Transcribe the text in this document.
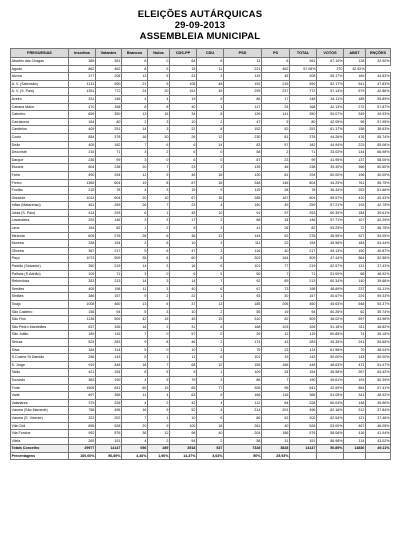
ELEIÇÕES AUTÁRQUICAS
29-09-2013
ASSEMBLEIA MUNICIPAL
FREGUESIAS	Inscritos	Votantes	Brancos	Nulos	CDS-PP	CDU	PSD	PS	TOTAL	VOTOS	ABST	ENÇÕES
Abadim das Chagas	389	261	8	0	64	8	11	6	261	67.10%	128	32.90%
Agudo	862	462	8	5	15	11	221	462	57.08%	370	42.92%	
Alvora	377	208	13	5	23	3	119	45	208	55.17%	169	44.83%
A. V. (Sabrosão)	1131	590	21	5	108	48	192	215	590	52.17%	541	47.83%
A. V. (S. Paio)	1351	772	24	20	151	45	295	237	772	57.14%	579	42.86%
Aveiro	331	146	4	4	19	6	86	17	146	44.11%	185	55.89%
Cabana Maior	470	168	8	8	40	1	117	24	168	42.13%	272	57.87%
Cabreiro	659	350	13	15	34	8	139	141	350	50.07%	349	49.93%
Carralcova	164	80	2	3	10	2	47	5	80	42.05%	98	57.95%
Cardielos	409	251	14	3	22	8	152	52	251	61.37%	158	38.63%
Couto	854	378	16	10	26	12	230	81	378	44.26%	476	55.74%
Deão	405	182	7	6	6	14	83	57	182	44.94%	223	55.06%
Deocriste	215	71	3	2	6	0	58	2	71	33.02%	144	66.98%
Darque	236	99	3	0	6	0	67	23	99	41.95%	137	58.05%
Escariz	604	238	20	7	23	3	139	46	238	39.40%	366	60.60%
Faria	490	294	12	9	46	16	130	81	294	60.00%	196	40.00%
Freixo	1365	604	19	8	87	16	348	146	604	44.25%	761	55.75%
Fontão	215	78	4	3	15	9	115	28	78	36.34%	253	61.66%
Gondufe	1014	604	20	10	67	35	285	187	604	59.57%	410	40.43%
Infias (Matarenso)	451	259	26	7	23	4	140	49	259	57.21%	193	42.79%
Jolda (S. Paio)	414	293	6	1	45	10	91	97	293	60.39%	184	39.61%
Lavandeira	253	146	3	3	17	2	68	34	146	57.71%	107	42.29%
Lima	154	82	1	2	9	3	41	26	82	53.25%	72	46.75%
Miranda	605	278	28	6	36	12	144	52	278	45.95%	327	54.05%
Moreira	338	154	2	6	10	3	111	22	154	45.56%	184	54.44%
Oliveira	367	217	5	6	47	3	116	40	217	59.13%	150	40.87%
Paço	1073	509	35	6	60	8	203	164	509	47.44%	564	52.56%
Padrão (Salvador)	350	219	14	3	16	6	101	77	219	62.57%	131	37.43%
Palhais (S.Adrião)	109	71	3	0	6	5	50	7	71	51.00%	68	48.92%
Rebordosa	353	213	14	3	14	7	92	89	213	60.34%	140	39.66%
Serrães	405	198	11	3	40	6	67	73	198	48.89%	237	51.11%
Sinfães	386	157	9	2	22	1	93	30	157	40.67%	229	59.33%
Soajo	1008	460	13	6	37	13	185	206	460	45.63%	548	54.37%
São Caldeiro	156	94	5	3	10	2	55	19	94	60.26%	62	39.74%
São Fins	1136	509	42	15	45	15	310	82	509	46.02%	597	53.98%
São Pedro Mantelães	637	326	16	2	31	6	168	103	326	51.18%	311	48.82%
São Julião	189	115	7	0	57	0	39	12	115	60.85%	74	39.15%
Seixas	524	283	9	8	46	2	174	43	283	45.35%	241	54.65%
Silva	184	114	5	0	10	1	75	23	114	61.96%	70	38.04%
S.Cosme St Damião	286	143	5	1	11	6	101	19	143	50.00%	143	50.00%
S. Jorge	919	448	18	7	68	12	155	188	448	48.63%	471	51.47%
Taião	421	154	6	5	9	1	109	24	154	36.58%	267	63.42%
Touvedo	383	190	4	9	79	3	86	7	190	49.61%	193	50.39%
Trute	1505	641	60	19	65	77	305	95	641	42.59%	864	57.41%
Vade	697	366	11	4	63	6	166	116	366	51.05%	341	48.92%
Valadares	379	228	4	2	42	4	112	64	228	60.04%	148	39.96%
Várzea (São Mamede)	758	496	16	9	52	4	214	201	496	62.16%	312	37.84%
Várzea (S. Vicente)	323	202	7	1	10	6	86	92	202	62.54%	121	37.46%
Vila Chã	895	528	20	9	100	18	281	40	528	53.00%	467	46.05%
Vila Fonche	992	576	36	12	98	40	204	186	576	58.06%	416	41.94%
Vilela	265	151	4	2	54	2	58	31	151	56.98%	114	43.02%
Totais Concelho	29977	14147	056	289	3518	537	7328	3828	14147	50.89%	14830	49.11%
Percentagens	100,00%	50,89%	4,46%	1,96%	14,37%	3,64%	50%	25,93%				
